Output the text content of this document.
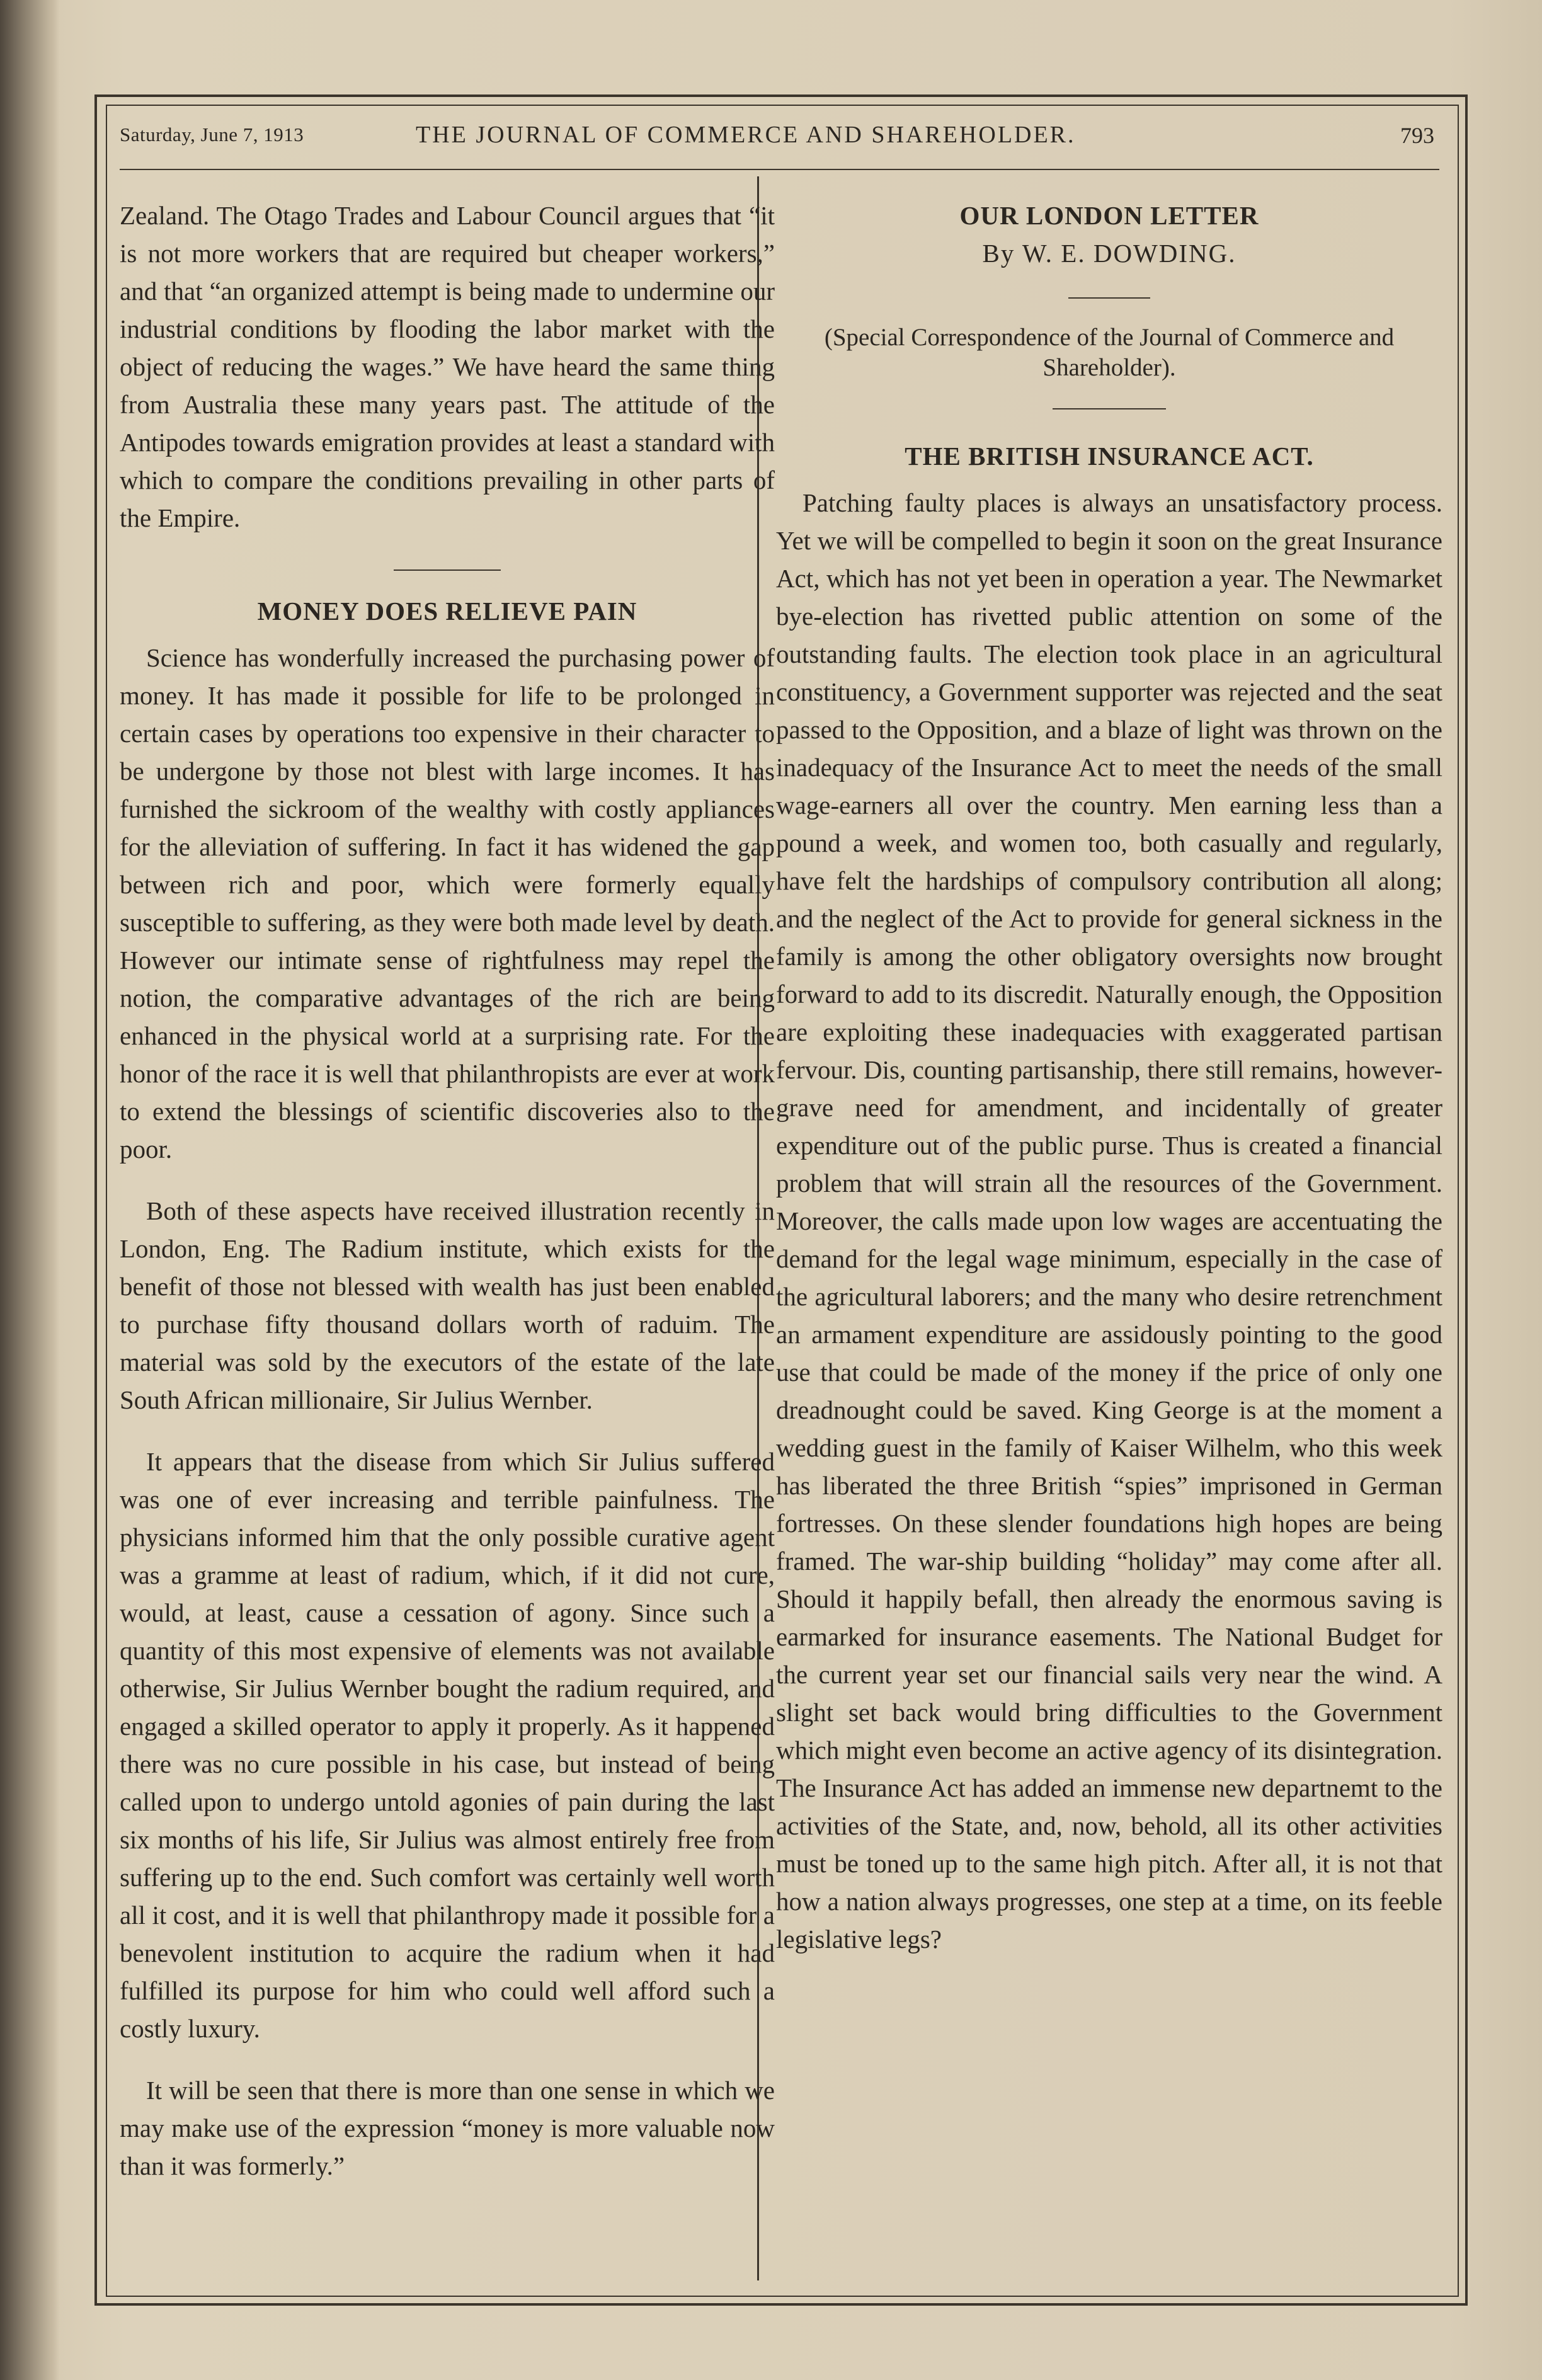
Saturday, June 7, 1913	THE JOURNAL OF COMMERCE AND SHAREHOLDER.	793

Zealand. The Otago Trades and Labour Council argues that “it is not more workers that are required but cheaper workers,” and that “an organized attempt is being made to undermine our industrial conditions by flooding the labor market with the object of reducing the wages.” We have heard the same thing from Australia these many years past. The attitude of the Antipodes towards emigration provides at least a standard with which to compare the conditions prevailing in other parts of the Empire.

MONEY DOES RELIEVE PAIN

Science has wonderfully increased the purchasing power of money. It has made it possible for life to be prolonged in certain cases by operations too expensive in their character to be undergone by those not blest with large incomes. It has furnished the sickroom of the wealthy with costly appliances for the alleviation of suffering. In fact it has widened the gap between rich and poor, which were formerly equally susceptible to suffering, as they were both made level by death. However our intimate sense of rightfulness may repel the notion, the comparative advantages of the rich are being enhanced in the physical world at a surprising rate. For the honor of the race it is well that philanthropists are ever at work to extend the blessings of scientific discoveries also to the poor.

Both of these aspects have received illustration recently in London, Eng. The Radium institute, which exists for the benefit of those not blessed with wealth has just been enabled to purchase fifty thousand dollars worth of raduim. The material was sold by the executors of the estate of the late South African millionaire, Sir Julius Wernber.

It appears that the disease from which Sir Julius suffered was one of ever increasing and terrible painfulness. The physicians informed him that the only possible curative agent was a gramme at least of radium, which, if it did not cure, would, at least, cause a cessation of agony. Since such a quantity of this most expensive of elements was not available otherwise, Sir Julius Wernber bought the radium required, and engaged a skilled operator to apply it properly. As it happened there was no cure possible in his case, but instead of being called upon to undergo untold agonies of pain during the last six months of his life, Sir Julius was almost entirely free from suffering up to the end. Such comfort was certainly well worth all it cost, and it is well that philanthropy made it possible for a benevolent institution to acquire the radium when it had fulfilled its purpose for him who could well afford such a costly luxury.

It will be seen that there is more than one sense in which we may make use of the expression “money is more valuable now than it was formerly.”

OUR LONDON LETTER

By W. E. DOWDING.

(Special Correspondence of the Journal of Commerce and Shareholder).

THE BRITISH INSURANCE ACT.

Patching faulty places is always an unsatisfactory process. Yet we will be compelled to begin it soon on the great Insurance Act, which has not yet been in operation a year. The Newmarket bye-election has rivetted public attention on some of the outstanding faults. The election took place in an agricultural constituency, a Government supporter was rejected and the seat passed to the Opposition, and a blaze of light was thrown on the inadequacy of the Insurance Act to meet the needs of the small wage-earners all over the country. Men earning less than a pound a week, and women too, both casually and regularly, have felt the hardships of compulsory contribution all along; and the neglect of the Act to provide for general sickness in the family is among the other obligatory oversights now brought forward to add to its discredit. Naturally enough, the Opposition are exploiting these inadequacies with exaggerated partisan fervour. Dis, counting partisanship, there still remains, however-grave need for amendment, and incidentally of greater expenditure out of the public purse. Thus is created a financial problem that will strain all the resources of the Government. Moreover, the calls made upon low wages are accentuating the demand for the legal wage minimum, especially in the case of the agricultural laborers; and the many who desire retrenchment an armament expenditure are assidously pointing to the good use that could be made of the money if the price of only one dreadnought could be saved. King George is at the moment a wedding guest in the family of Kaiser Wilhelm, who this week has liberated the three British “spies” imprisoned in German fortresses. On these slender foundations high hopes are being framed. The war-ship building “holiday” may come after all. Should it happily befall, then already the enormous saving is earmarked for insurance easements. The National Budget for the current year set our financial sails very near the wind. A slight set back would bring difficulties to the Government which might even become an active agency of its disintegration. The Insurance Act has added an immense new departnemt to the activities of the State, and, now, behold, all its other activities must be toned up to the same high pitch. After all, it is not that how a nation always progresses, one step at a time, on its feeble legislative legs?
